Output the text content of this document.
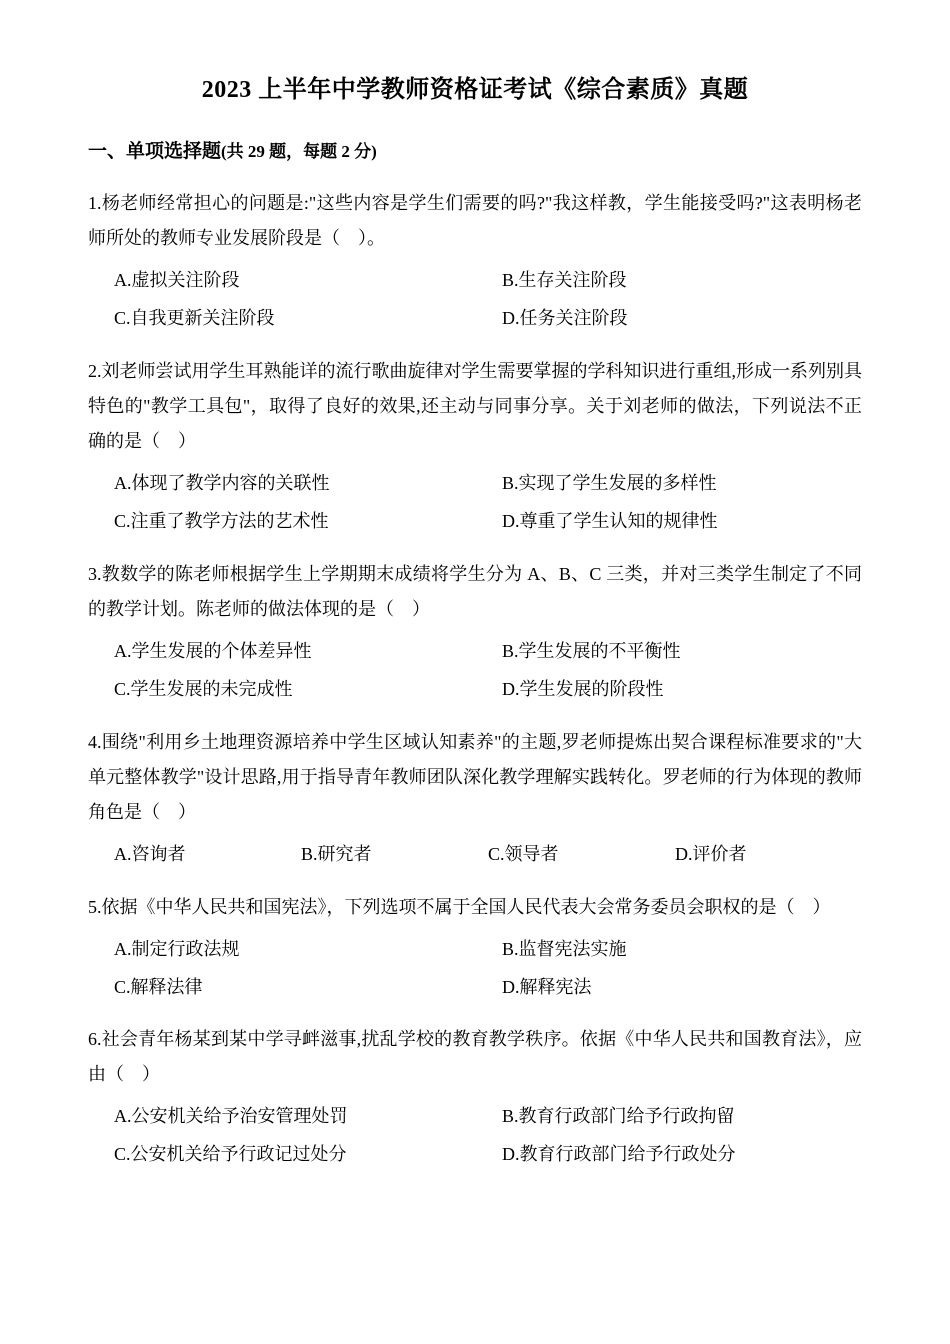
2023 上半年中学教师资格证考试《综合素质》真题
一、单项选择题(共 29 题，每题 2 分)

1.杨老师经常担心的问题是:"这些内容是学生们需要的吗?"我这样教，学生能接受吗?"这表明杨老师所处的教师专业发展阶段是（　）。

A.虚拟关注阶段	B.生存关注阶段
C.自我更新关注阶段	D.任务关注阶段

2.刘老师尝试用学生耳熟能详的流行歌曲旋律对学生需要掌握的学科知识进行重组,形成一系列别具特色的"教学工具包"，取得了良好的效果,还主动与同事分享。关于刘老师的做法，下列说法不正确的是（　）

A.体现了教学内容的关联性	B.实现了学生发展的多样性
C.注重了教学方法的艺术性	D.尊重了学生认知的规律性

3.教数学的陈老师根据学生上学期期末成绩将学生分为 A、B、C 三类，并对三类学生制定了不同的教学计划。陈老师的做法体现的是（　）

A.学生发展的个体差异性	B.学生发展的不平衡性
C.学生发展的未完成性	D.学生发展的阶段性

4.围绕"利用乡土地理资源培养中学生区域认知素养"的主题,罗老师提炼出契合课程标准要求的"大单元整体教学"设计思路,用于指导青年教师团队深化教学理解实践转化。罗老师的行为体现的教师角色是（　）

A.咨询者	B.研究者	C.领导者	D.评价者

5.依据《中华人民共和国宪法》，下列选项不属于全国人民代表大会常务委员会职权的是（　）

A.制定行政法规	B.监督宪法实施
C.解释法律	D.解释宪法

6.社会青年杨某到某中学寻衅滋事,扰乱学校的教育教学秩序。依据《中华人民共和国教育法》，应由（　）

A.公安机关给予治安管理处罚	B.教育行政部门给予行政拘留
C.公安机关给予行政记过处分	D.教育行政部门给予行政处分
